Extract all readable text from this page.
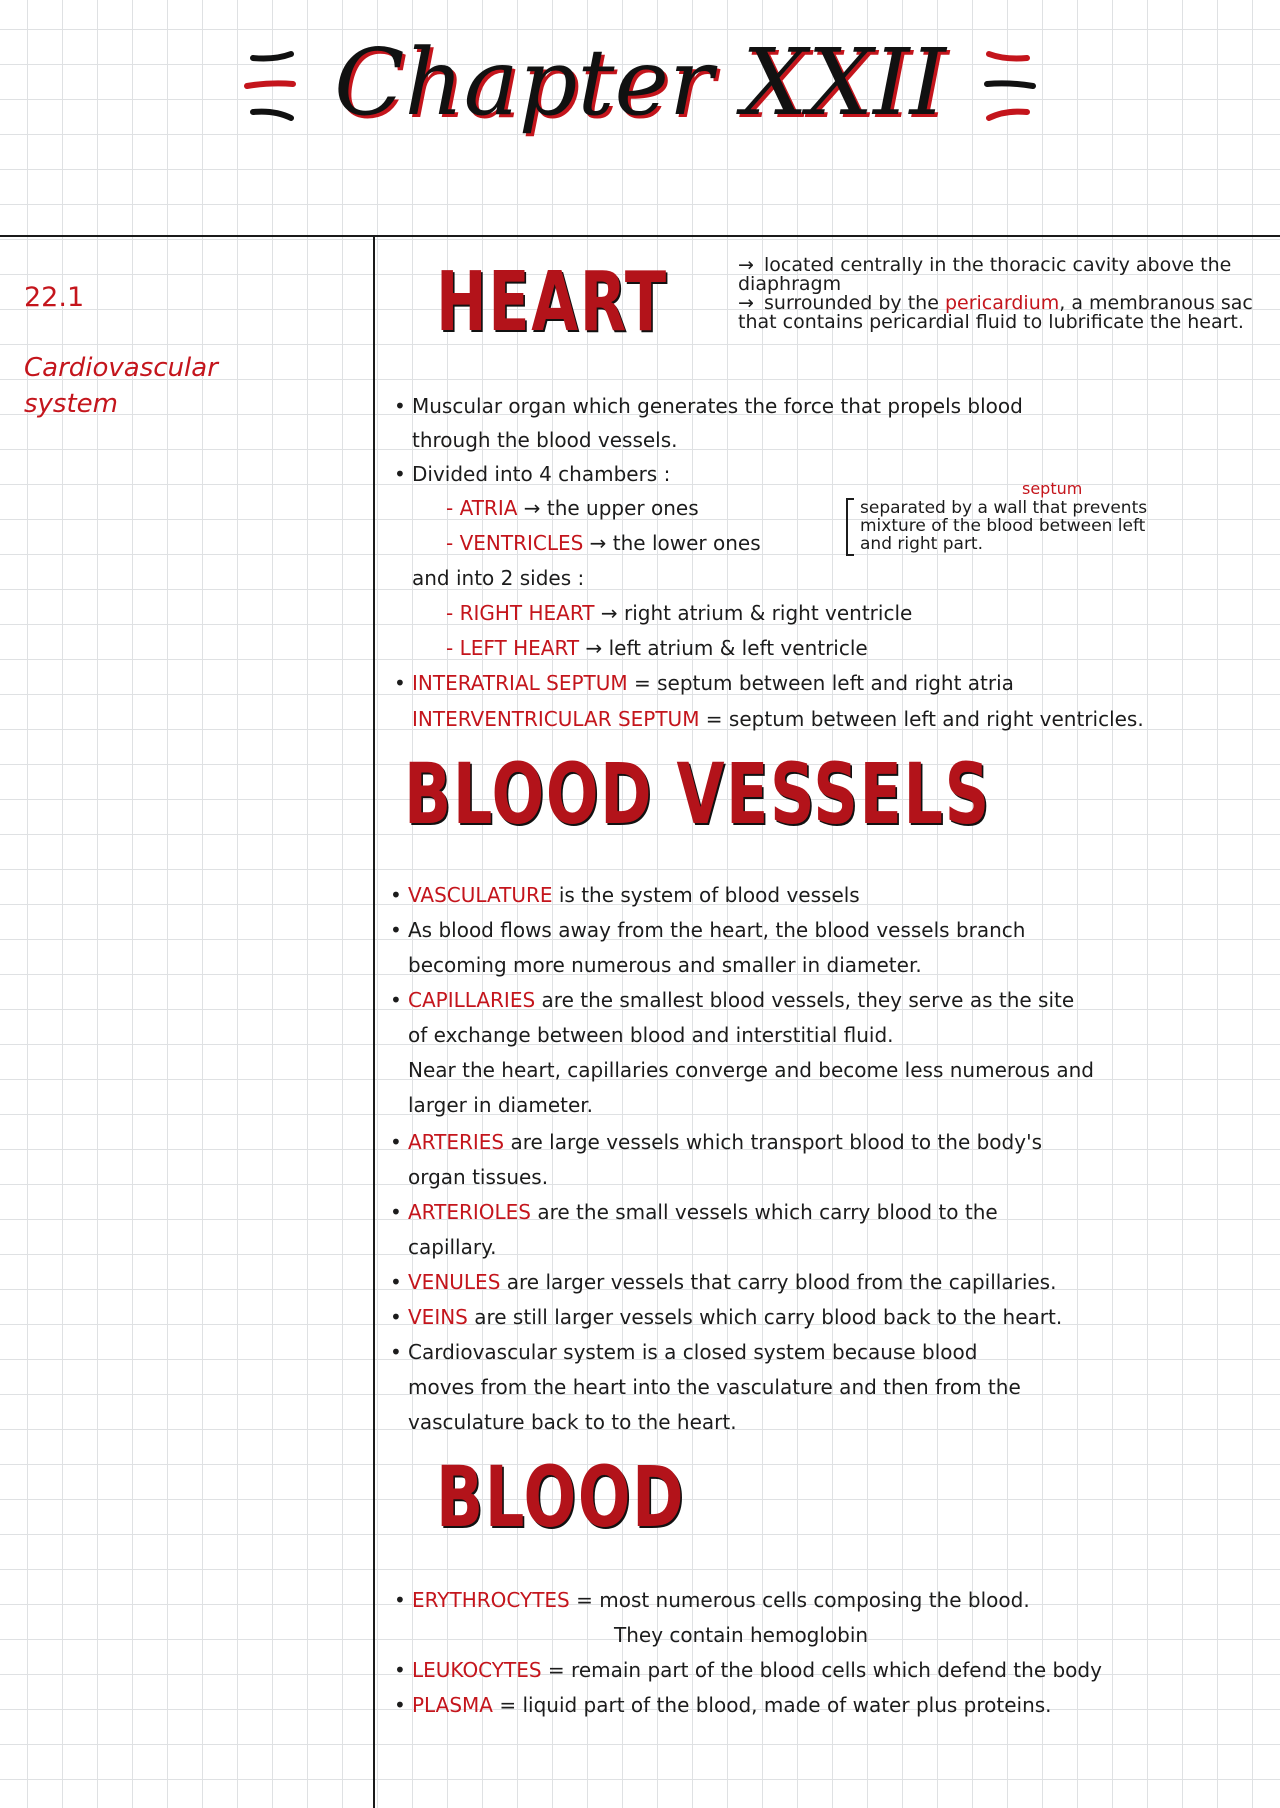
Chapter XXII
22.1
Cardiovascular system
HEART	→ located centrally in the thoracic cavity above the diaphragm
→ surrounded by the pericardium, a membranous sac that contains pericardial fluid to lubrificate the heart.
• Muscular organ which generates the force that propels blood
through the blood vessels.
• Divided into 4 chambers :
- ATRIA → the upper ones
- VENTRICLES → the lower ones
septum
separated by a wall that prevents
mixture of the blood between left
and right part.
and into 2 sides :
- RIGHT HEART → right atrium & right ventricle
- LEFT HEART → left atrium & left ventricle
• INTERATRIAL SEPTUM = septum between left and right atria
INTERVENTRICULAR SEPTUM = septum between left and right ventricles.
BLOOD VESSELS
• VASCULATURE is the system of blood vessels
• As blood flows away from the heart, the blood vessels branch
becoming more numerous and smaller in diameter.
• CAPILLARIES are the smallest blood vessels, they serve as the site
of exchange between blood and interstitial fluid.
Near the heart, capillaries converge and become less numerous and
larger in diameter.
• ARTERIES are large vessels which transport blood to the body's
organ tissues.
• ARTERIOLES are the small vessels which carry blood to the
capillary.
• VENULES are larger vessels that carry blood from the capillaries.
• VEINS are still larger vessels which carry blood back to the heart.
• Cardiovascular system is a closed system because blood
moves from the heart into the vasculature and then from the
vasculature back to to the heart.
BLOOD
• ERYTHROCYTES = most numerous cells composing the blood.
They contain hemoglobin
• LEUKOCYTES = remain part of the blood cells which defend the body
• PLASMA = liquid part of the blood, made of water plus proteins.
